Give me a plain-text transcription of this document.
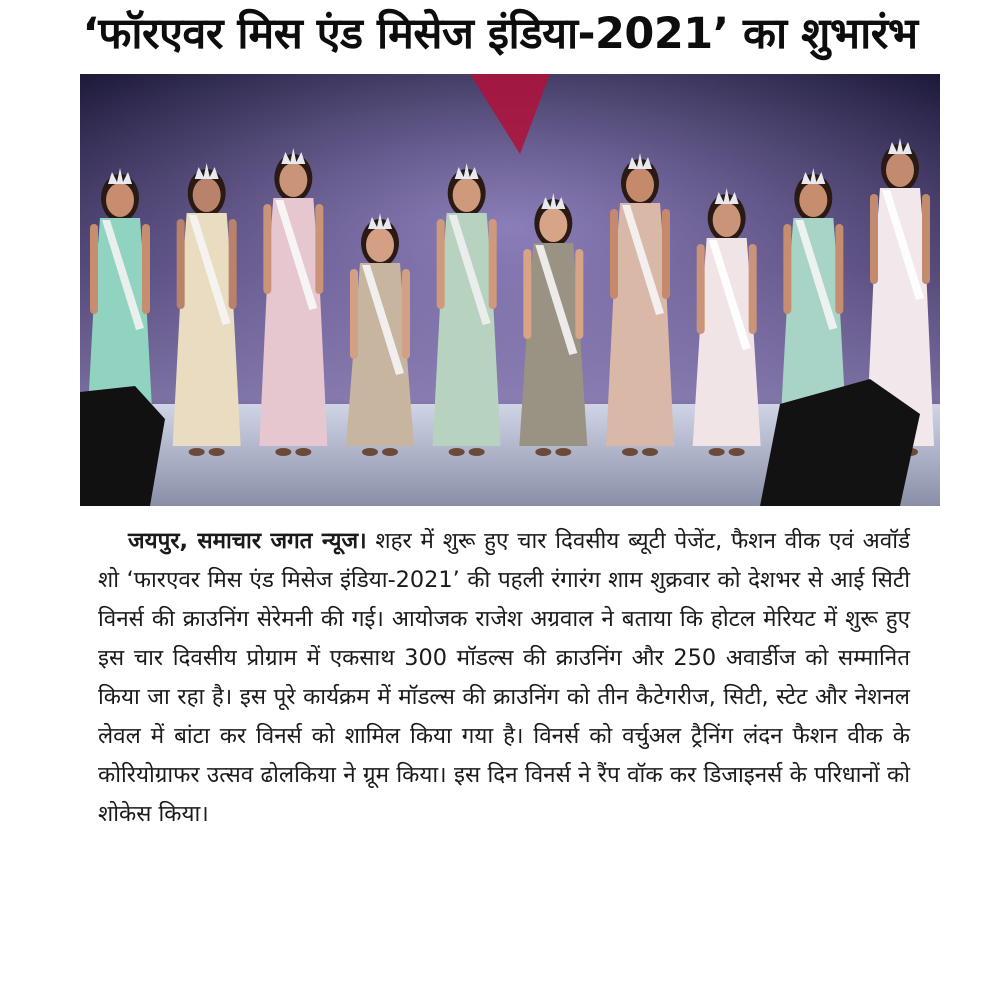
‘फॉरएवर मिस एंड मिसेज इंडिया-2021’ का शुभारंभ
जयपुर, समाचार जगत न्यूज। शहर में शुरू हुए चार दिवसीय ब्यूटी पेजेंट, फैशन वीक एवं अवॉर्ड शो ‘फारएवर मिस एंड मिसेज इंडिया-2021’ की पहली रंगारंग शाम शुक्रवार को देशभर से आई सिटी विनर्स की क्राउनिंग सेरेमनी की गई। आयोजक राजेश अग्रवाल ने बताया कि होटल मेरियट में शुरू हुए इस चार दिवसीय प्रोग्राम में एकसाथ 300 मॉडल्स की क्राउनिंग और 250 अवार्डीज को सम्मानित किया जा रहा है। इस पूरे कार्यक्रम में मॉडल्स की क्राउनिंग को तीन कैटेगरीज, सिटी, स्टेट और नेशनल लेवल में बांटा कर विनर्स को शामिल किया गया है। विनर्स को वर्चुअल ट्रैनिंग लंदन फैशन वीक के कोरियोग्राफर उत्सव ढोलकिया ने ग्रूम किया। इस दिन विनर्स ने रैंप वॉक कर डिजाइनर्स के परिधानों को शोकेस किया।
